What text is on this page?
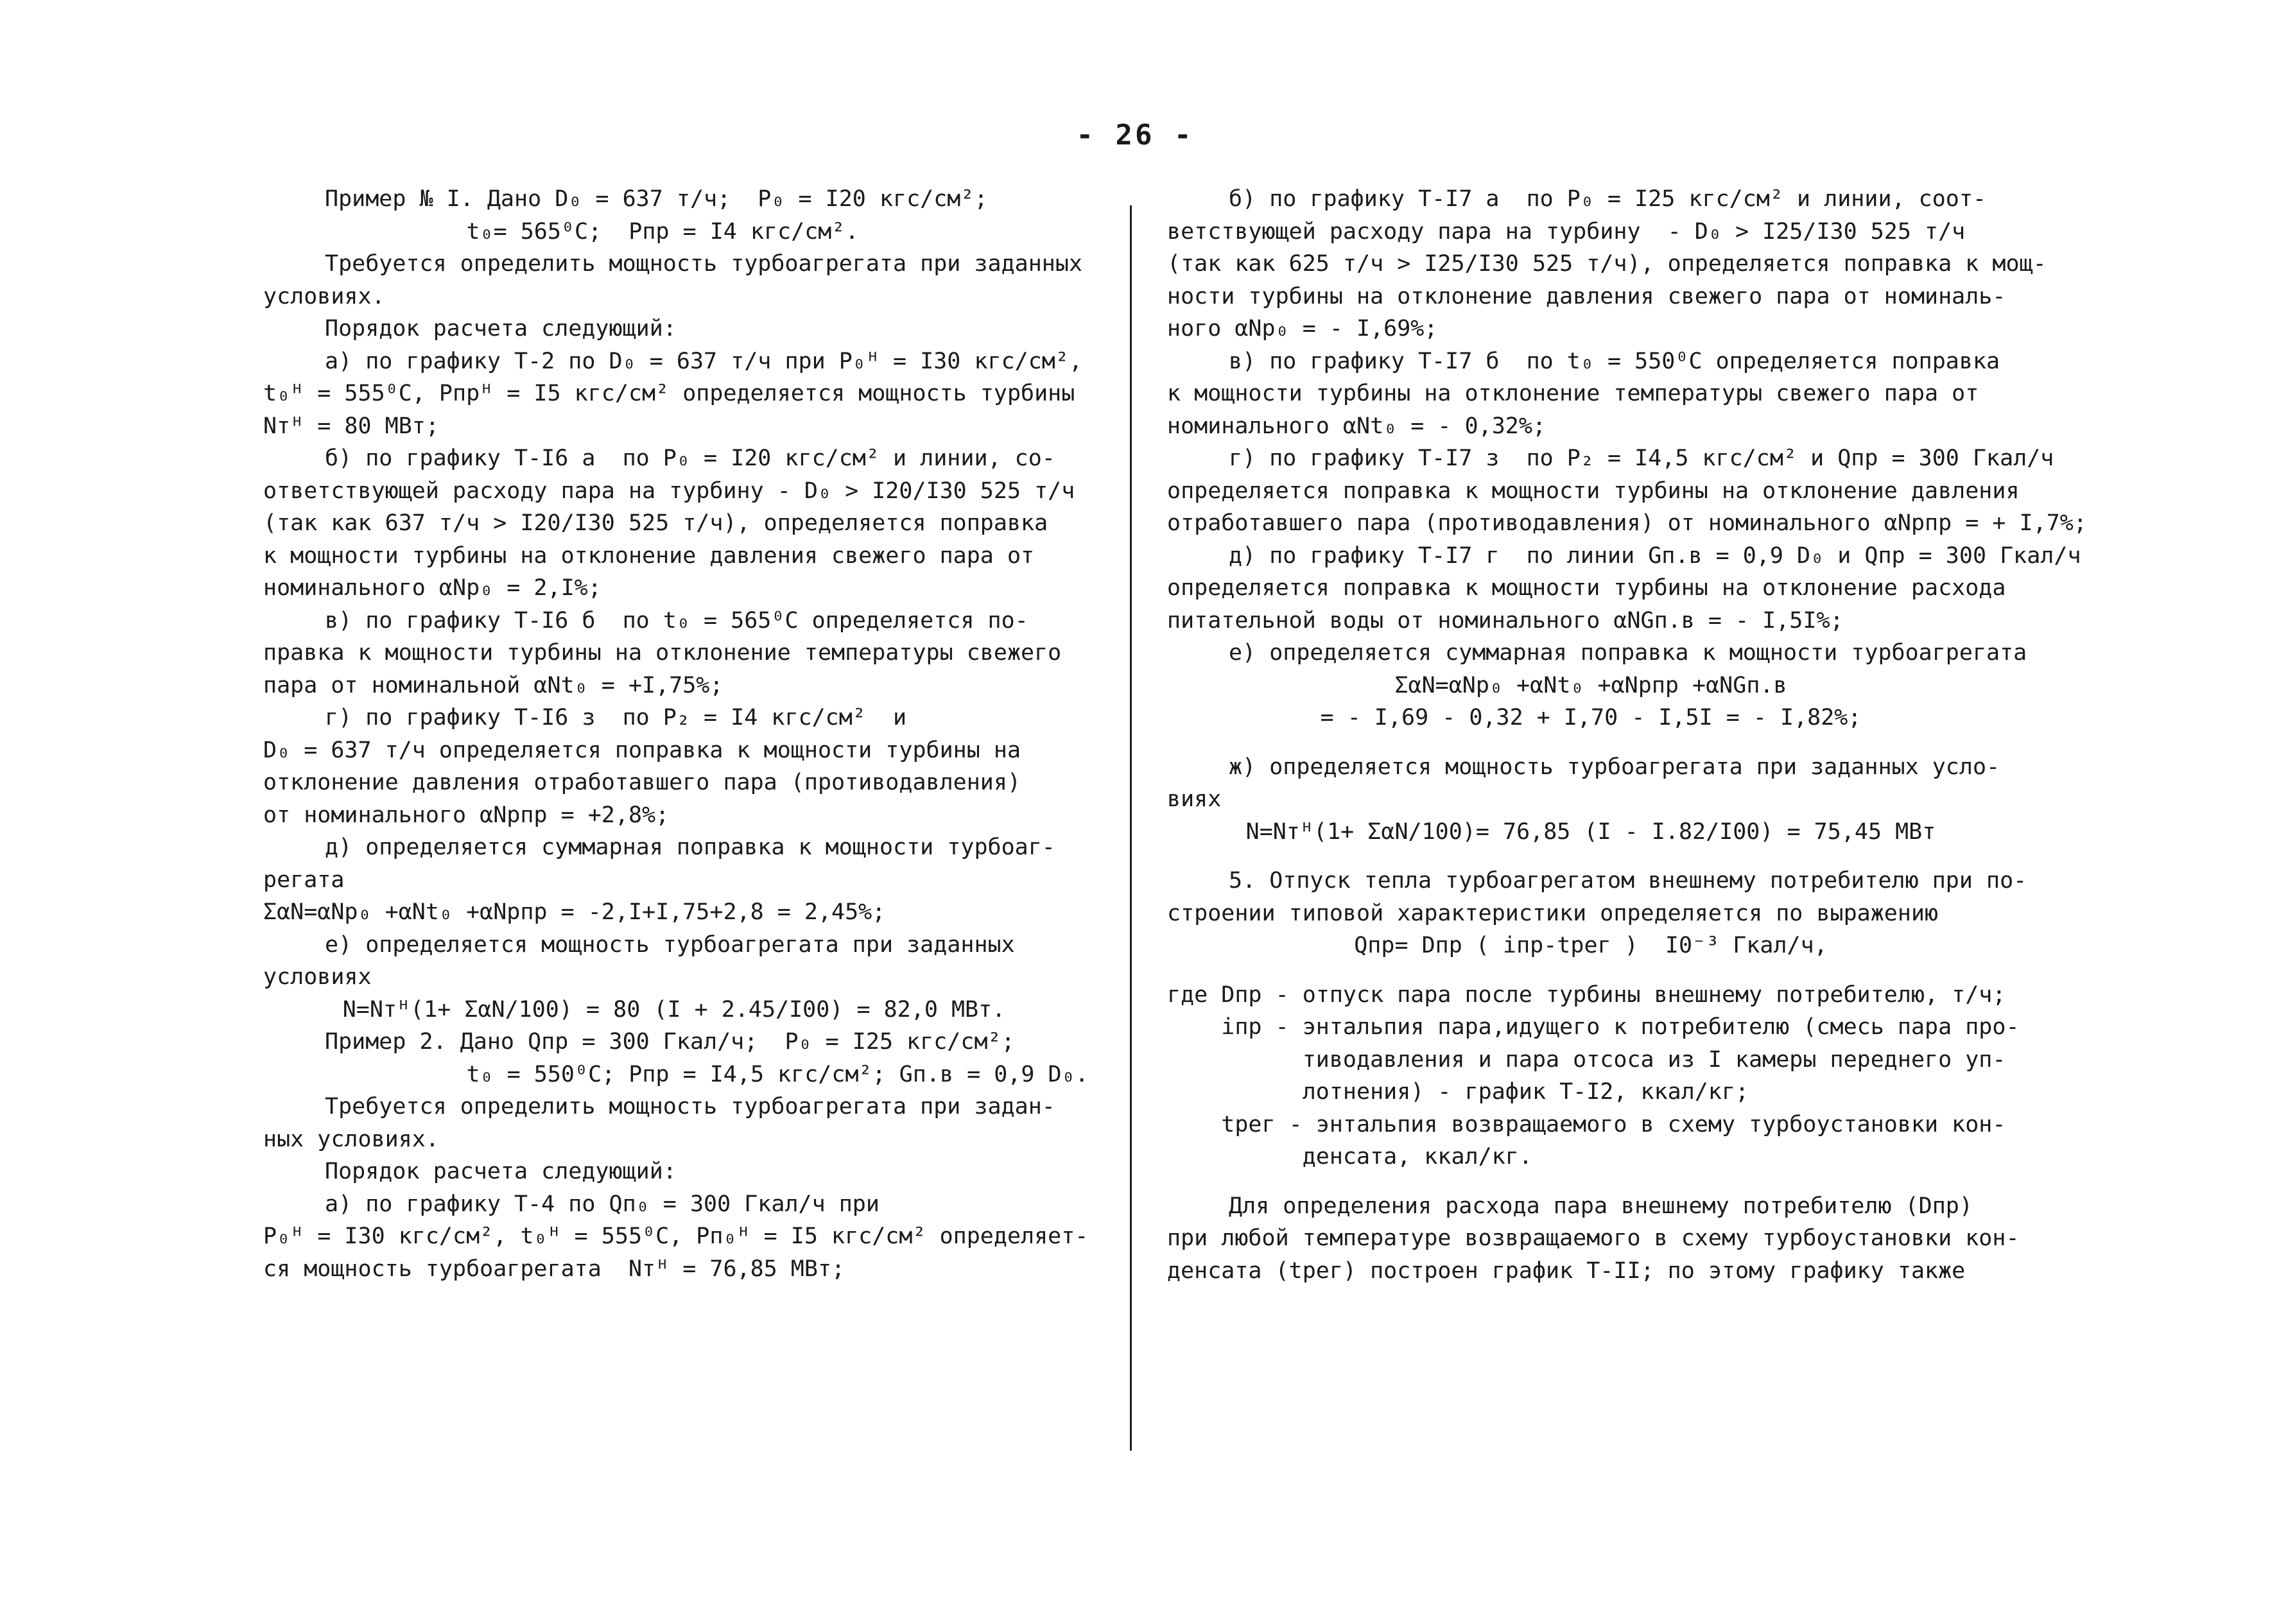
- 26 -
Пример № I. Дано D₀ = 637 т/ч;  P₀ = I20 кгс/см²;
t₀= 565⁰С;  Pпр = I4 кгс/см².
Требуется определить мощность турбоагрегата при заданных
условиях.
Порядок расчета следующий:
а) по графику Т-2 по D₀ = 637 т/ч при P₀ᴴ = I30 кгс/см²,
t₀ᴴ = 555⁰С, Pпрᴴ = I5 кгс/см² определяется мощность турбины
Nтᴴ = 80 МВт;
б) по графику Т-I6 а  по P₀ = I20 кгс/см² и линии, со-
ответствующей расходу пара на турбину - D₀ > I20/I30 525 т/ч
(так как 637 т/ч > I20/I30 525 т/ч), определяется поправка
к мощности турбины на отклонение давления свежего пара от
номинального αNp₀ = 2,I%;
в) по графику Т-I6 б  по t₀ = 565⁰С определяется по-
правка к мощности турбины на отклонение температуры свежего
пара от номинальной αNt₀ = +I,75%;
г) по графику Т-I6 з  по P₂ = I4 кгс/см²  и
D₀ = 637 т/ч определяется поправка к мощности турбины на
отклонение давления отработавшего пара (противодавления)
от номинального αNpпр = +2,8%;
д) определяется суммарная поправка к мощности турбоаг-
регата
ΣαN=αNp₀ +αNt₀ +αNpпр = -2,I+I,75+2,8 = 2,45%;
е) определяется мощность турбоагрегата при заданных
условиях
N=Nтᴴ(1+ ΣαN/100) = 80 (I + 2.45/I00) = 82,0 МВт.
Пример 2. Дано Qпр = 300 Гкал/ч;  P₀ = I25 кгс/см²;
t₀ = 550⁰С; Pпр = I4,5 кгс/см²; Gп.в = 0,9 D₀.
Требуется определить мощность турбоагрегата при задан-
ных условиях.
Порядок расчета следующий:
а) по графику Т-4 по Qп₀ = 300 Гкал/ч при
P₀ᴴ = I30 кгс/см², t₀ᴴ = 555⁰С, Pп₀ᴴ = I5 кгс/см² определяет-
ся мощность турбоагрегата  Nтᴴ = 76,85 МВт;
б) по графику Т-I7 а  по P₀ = I25 кгс/см² и линии, соот-
ветствующей расходу пара на турбину  - D₀ > I25/I30 525 т/ч
(так как 625 т/ч > I25/I30 525 т/ч), определяется поправка к мощ-
ности турбины на отклонение давления свежего пара от номиналь-
ного αNp₀ = - I,69%;
в) по графику Т-I7 б  по t₀ = 550⁰С определяется поправка
к мощности турбины на отклонение температуры свежего пара от
номинального αNt₀ = - 0,32%;
г) по графику Т-I7 з  по P₂ = I4,5 кгс/см² и Qпр = 300 Гкал/ч
определяется поправка к мощности турбины на отклонение давления
отработавшего пара (противодавления) от номинального αNpпр = + I,7%;
д) по графику Т-I7 г  по линии Gп.в = 0,9 D₀ и Qпр = 300 Гкал/ч
определяется поправка к мощности турбины на отклонение расхода
питательной воды от номинального αNGп.в = - I,5I%;
е) определяется суммарная поправка к мощности турбоагрегата
ΣαN=αNp₀ +αNt₀ +αNpпр +αNGп.в
= - I,69 - 0,32 + I,70 - I,5I = - I,82%;
ж) определяется мощность турбоагрегата при заданных усло-
виях
N=Nтᴴ(1+ ΣαN/100)= 76,85 (I - I.82/I00) = 75,45 МВт
5. Отпуск тепла турбоагрегатом внешнему потребителю при по-
строении типовой характеристики определяется по выражению
Qпр= Dпр ( iпр-tрег )  I0⁻³ Гкал/ч,
где Dпр - отпуск пара после турбины внешнему потребителю, т/ч;
iпр - энтальпия пара,идущего к потребителю (смесь пара про-
тиводавления и пара отсоса из I камеры переднего уп-
лотнения) - график Т-I2, ккал/кг;
tрег - энтальпия возвращаемого в схему турбоустановки кон-
денсата, ккал/кг.
Для определения расхода пара внешнему потребителю (Dпр)
при любой температуре возвращаемого в схему турбоустановки кон-
денсата (tрег) построен график Т-II; по этому графику также
